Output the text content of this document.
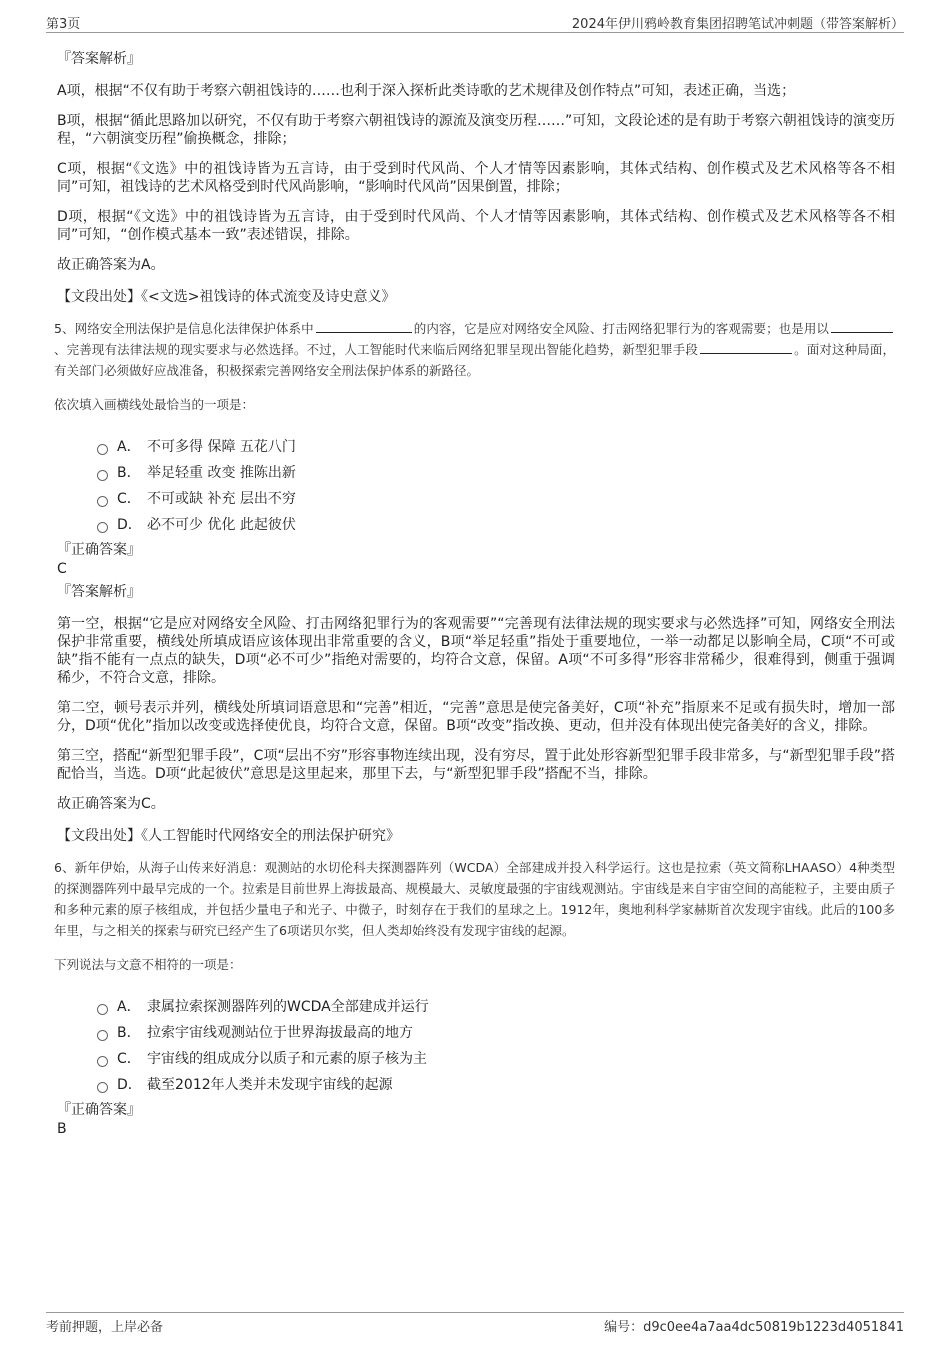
第3页	2024年伊川鸦岭教育集团招聘笔试冲刺题（带答案解析）
『答案解析』

A项，根据“不仅有助于考察六朝祖饯诗的……也利于深入探析此类诗歌的艺术规律及创作特点”可知，表述正确，当选；

B项，根据“循此思路加以研究，不仅有助于考察六朝祖饯诗的源流及演变历程……”可知，文段论述的是有助于考察六朝祖饯诗的演变历程，“六朝演变历程”偷换概念，排除；

C项，根据“《文选》中的祖饯诗皆为五言诗，由于受到时代风尚、个人才情等因素影响，其体式结构、创作模式及艺术风格等各不相同”可知，祖饯诗的艺术风格受到时代风尚影响，“影响时代风尚”因果倒置，排除；

D项，根据“《文选》中的祖饯诗皆为五言诗，由于受到时代风尚、个人才情等因素影响，其体式结构、创作模式及艺术风格等各不相同”可知，“创作模式基本一致”表述错误，排除。

故正确答案为A。

【文段出处】《<文选>祖饯诗的体式流变及诗史意义》

5、网络安全刑法保护是信息化法律保护体系中	的内容，它是应对网络安全风险、打击网络犯罪行为的客观需要；也是用以、完善现有法律法规的现实要求与必然选择。不过，人工智能时代来临后网络犯罪呈现出智能化趋势，新型犯罪手段	。面对这种局面，有关部门必须做好应战准备，积极探索完善网络安全刑法保护体系的新路径。

依次填入画横线处最恰当的一项是：
A． 不可多得 保障 五花八门
B． 举足轻重 改变 推陈出新
C． 不可或缺 补充 层出不穷
D． 必不可少 优化 此起彼伏
『正确答案』
C
『答案解析』

第一空，根据“它是应对网络安全风险、打击网络犯罪行为的客观需要”“完善现有法律法规的现实要求与必然选择”可知，网络安全刑法保护非常重要，横线处所填成语应该体现出非常重要的含义，B项“举足轻重”指处于重要地位，一举一动都足以影响全局，C项“不可或缺”指不能有一点点的缺失，D项“必不可少”指绝对需要的，均符合文意，保留。A项“不可多得”形容非常稀少，很难得到，侧重于强调稀少，不符合文意，排除。

第二空，顿号表示并列，横线处所填词语意思和“完善”相近，“完善”意思是使完备美好，C项“补充”指原来不足或有损失时，增加一部分，D项“优化”指加以改变或选择使优良，均符合文意，保留。B项“改变”指改换、更动，但并没有体现出使完备美好的含义，排除。

第三空，搭配“新型犯罪手段”，C项“层出不穷”形容事物连续出现，没有穷尽，置于此处形容新型犯罪手段非常多，与“新型犯罪手段”搭配恰当，当选。D项“此起彼伏”意思是这里起来，那里下去，与“新型犯罪手段”搭配不当，排除。

故正确答案为C。

【文段出处】《人工智能时代网络安全的刑法保护研究》

6、新年伊始，从海子山传来好消息：观测站的水切伦科夫探测器阵列（WCDA）全部建成并投入科学运行。这也是拉索（英文简称LHAASO）4种类型的探测器阵列中最早完成的一个。拉索是目前世界上海拔最高、规模最大、灵敏度最强的宇宙线观测站。宇宙线是来自宇宙空间的高能粒子，主要由质子和多种元素的原子核组成，并包括少量电子和光子、中微子，时刻存在于我们的星球之上。1912年，奥地利科学家赫斯首次发现宇宙线。此后的100多年里，与之相关的探索与研究已经产生了6项诺贝尔奖，但人类却始终没有发现宇宙线的起源。

下列说法与文意不相符的一项是：
A． 隶属拉索探测器阵列的WCDA全部建成并运行
B． 拉索宇宙线观测站位于世界海拔最高的地方
C． 宇宙线的组成成分以质子和元素的原子核为主
D． 截至2012年人类并未发现宇宙线的起源
『正确答案』
B
考前押题，上岸必备	编号：d9c0ee4a7aa4dc50819b1223d4051841
